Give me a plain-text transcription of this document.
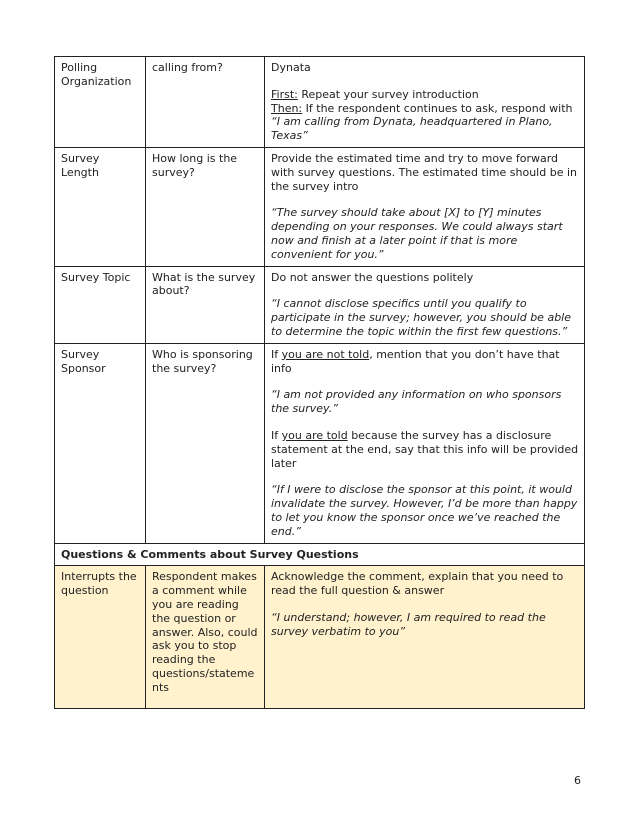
Polling Organization	calling from?	Dynata

First: Repeat your survey introduction

Then: If the respondent continues to ask, respond with “I am calling from Dynata, headquartered in Plano, Texas”

Survey Length	How long is the survey?	Provide the estimated time and try to move forward with survey questions. The estimated time should be in the survey intro

“The survey should take about [X] to [Y] minutes depending on your responses. We could always start now and finish at a later point if that is more convenient for you.”

Survey Topic	What is the survey about?	Do not answer the questions politely

“I cannot disclose specifics until you qualify to participate in the survey; however, you should be able to determine the topic within the first few questions.”

Survey Sponsor	Who is sponsoring the survey?	If you are not told, mention that you don’t have that info

“I am not provided any information on who sponsors the survey.”

If you are told because the survey has a disclosure statement at the end, say that this info will be provided later

“If I were to disclose the sponsor at this point, it would invalidate the survey. However, I’d be more than happy to let you know the sponsor once we’ve reached the end.”

Questions & Comments about Survey Questions		
Interrupts the question	Respondent makes a comment while you are reading the question or answer. Also, could ask you to stop reading the questions/stateme nts	Acknowledge the comment, explain that you need to read the full question & answer

“I understand; however, I am required to read the survey verbatim to you”

6
